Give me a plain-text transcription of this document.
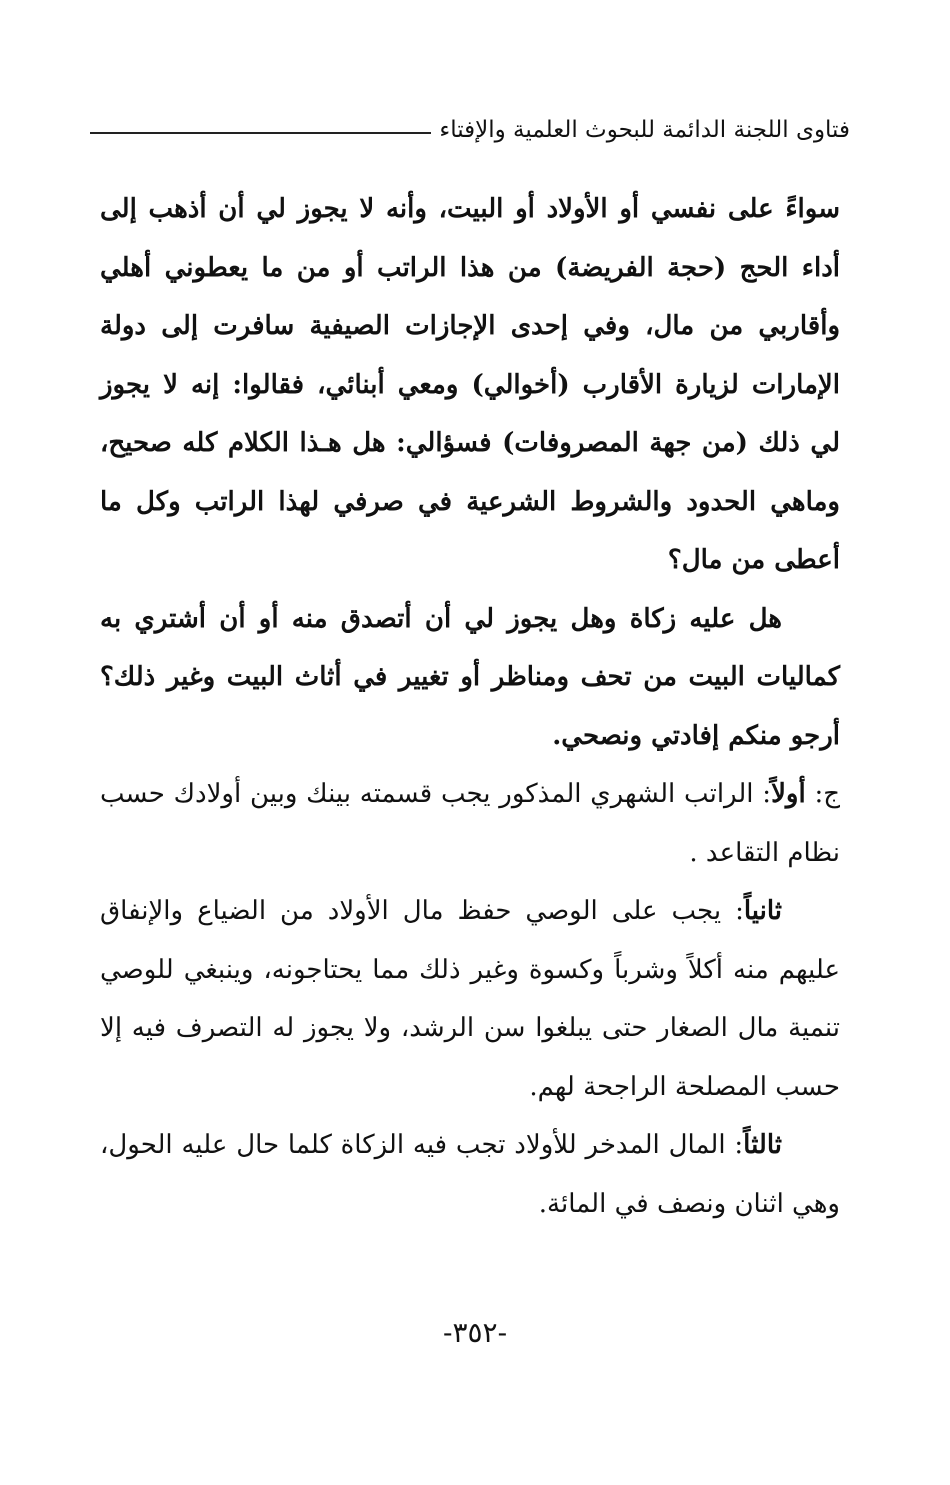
فتاوى اللجنة الدائمة للبحوث العلمية والإفتاء

سواءً على نفسي أو الأولاد أو البيت، وأنه لا يجوز لي أن أذهب إلى أداء الحج (حجة الفريضة) من هذا الراتب أو من ما يعطوني أهلي وأقاربي من مال، وفي إحدى الإجازات الصيفية سافرت إلى دولة الإمارات لزيارة الأقارب (أخوالي) ومعي أبنائي، فقالوا: إنه لا يجوز لي ذلك (من جهة المصروفات) فسؤالي: هل هـذا الكلام كله صحيح، وماهي الحدود والشروط الشرعية في صرفي لهذا الراتب وكل ما أعطى من مال؟

هل عليه زكاة وهل يجوز لي أن أتصدق منه أو أن أشتري به كماليات البيت من تحف ومناظر أو تغيير في أثاث البيت وغير ذلك؟ أرجو منكم إفادتي ونصحي.

ج: أولاً: الراتب الشهري المذكور يجب قسمته بينك وبين أولادك حسب نظام التقاعد .

ثانياً: يجب على الوصي حفظ مال الأولاد من الضياع والإنفاق عليهم منه أكلاً وشرباً وكسوة وغير ذلك مما يحتاجونه، وينبغي للوصي تنمية مال الصغار حتى يبلغوا سن الرشد، ولا يجوز له التصرف فيه إلا حسب المصلحة الراجحة لهم.

ثالثاً: المال المدخر للأولاد تجب فيه الزكاة كلما حال عليه الحول، وهي اثنان ونصف في المائة.

-٣٥٢-
